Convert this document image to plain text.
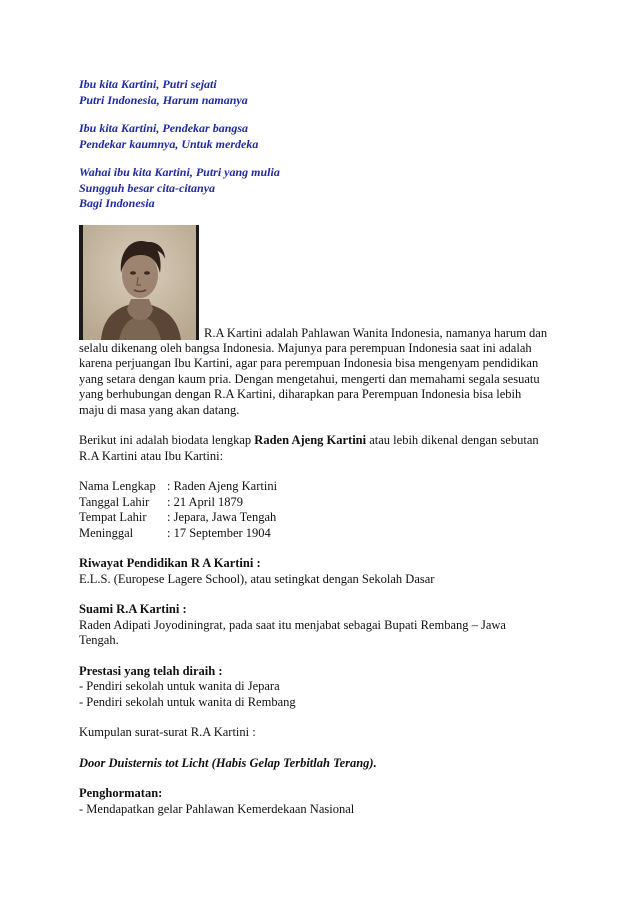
Ibu kita Kartini, Putri sejati
Putri Indonesia, Harum namanya
Ibu kita Kartini, Pendekar bangsa
Pendekar kaumnya, Untuk merdeka
Wahai ibu kita Kartini, Putri yang mulia
Sungguh besar cita-citanya
Bagi Indonesia
R.A Kartini adalah Pahlawan Wanita Indonesia, namanya harum dan
selalu dikenang oleh bangsa Indonesia. Majunya para perempuan Indonesia saat ini adalah
karena perjuangan Ibu Kartini, agar para perempuan Indonesia bisa mengenyam pendidikan
yang setara dengan kaum pria. Dengan mengetahui, mengerti dan memahami segala sesuatu
yang berhubungan dengan R.A Kartini, diharapkan para Perempuan Indonesia bisa lebih
maju di masa yang akan datang.
Berikut ini adalah biodata lengkap Raden Ajeng Kartini atau lebih dikenal dengan sebutan
R.A Kartini atau Ibu Kartini:
Nama Lengkap : Raden Ajeng Kartini
Tanggal Lahir	: 21 April 1879
Tempat Lahir	: Jepara, Jawa Tengah
Meninggal	: 17 September 1904
Riwayat Pendidikan R A Kartini :
E.L.S. (Europese Lagere School), atau setingkat dengan Sekolah Dasar
Suami R.A Kartini :
Raden Adipati Joyodiningrat, pada saat itu menjabat sebagai Bupati Rembang – Jawa
Tengah.
Prestasi yang telah diraih :
- Pendiri sekolah untuk wanita di Jepara
- Pendiri sekolah untuk wanita di Rembang
Kumpulan surat-surat R.A Kartini :
Door Duisternis tot Licht (Habis Gelap Terbitlah Terang).
Penghormatan:
- Mendapatkan gelar Pahlawan Kemerdekaan Nasional
